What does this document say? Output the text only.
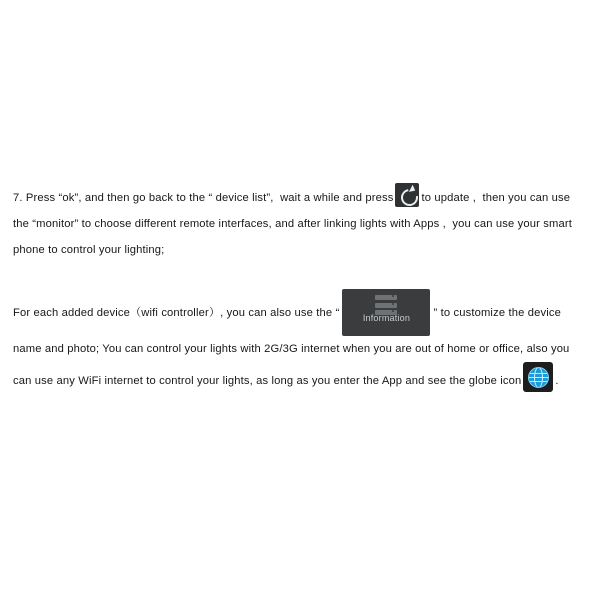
7. Press “ok”, and then go back to the “ device list”,  wait a while and press	to update ,  then you can use the “monitor” to choose different remote interfaces, and after linking lights with Apps ,  you can use your smart phone to control your lighting;

For each added device（wifi controller）, you can also use the “	Information	” to customize the device name and photo; You can control your lights with 2G/3G internet when you are out of home or office, also you can use any WiFi internet to control your lights, as long as you enter the App and see the globe icon	.
